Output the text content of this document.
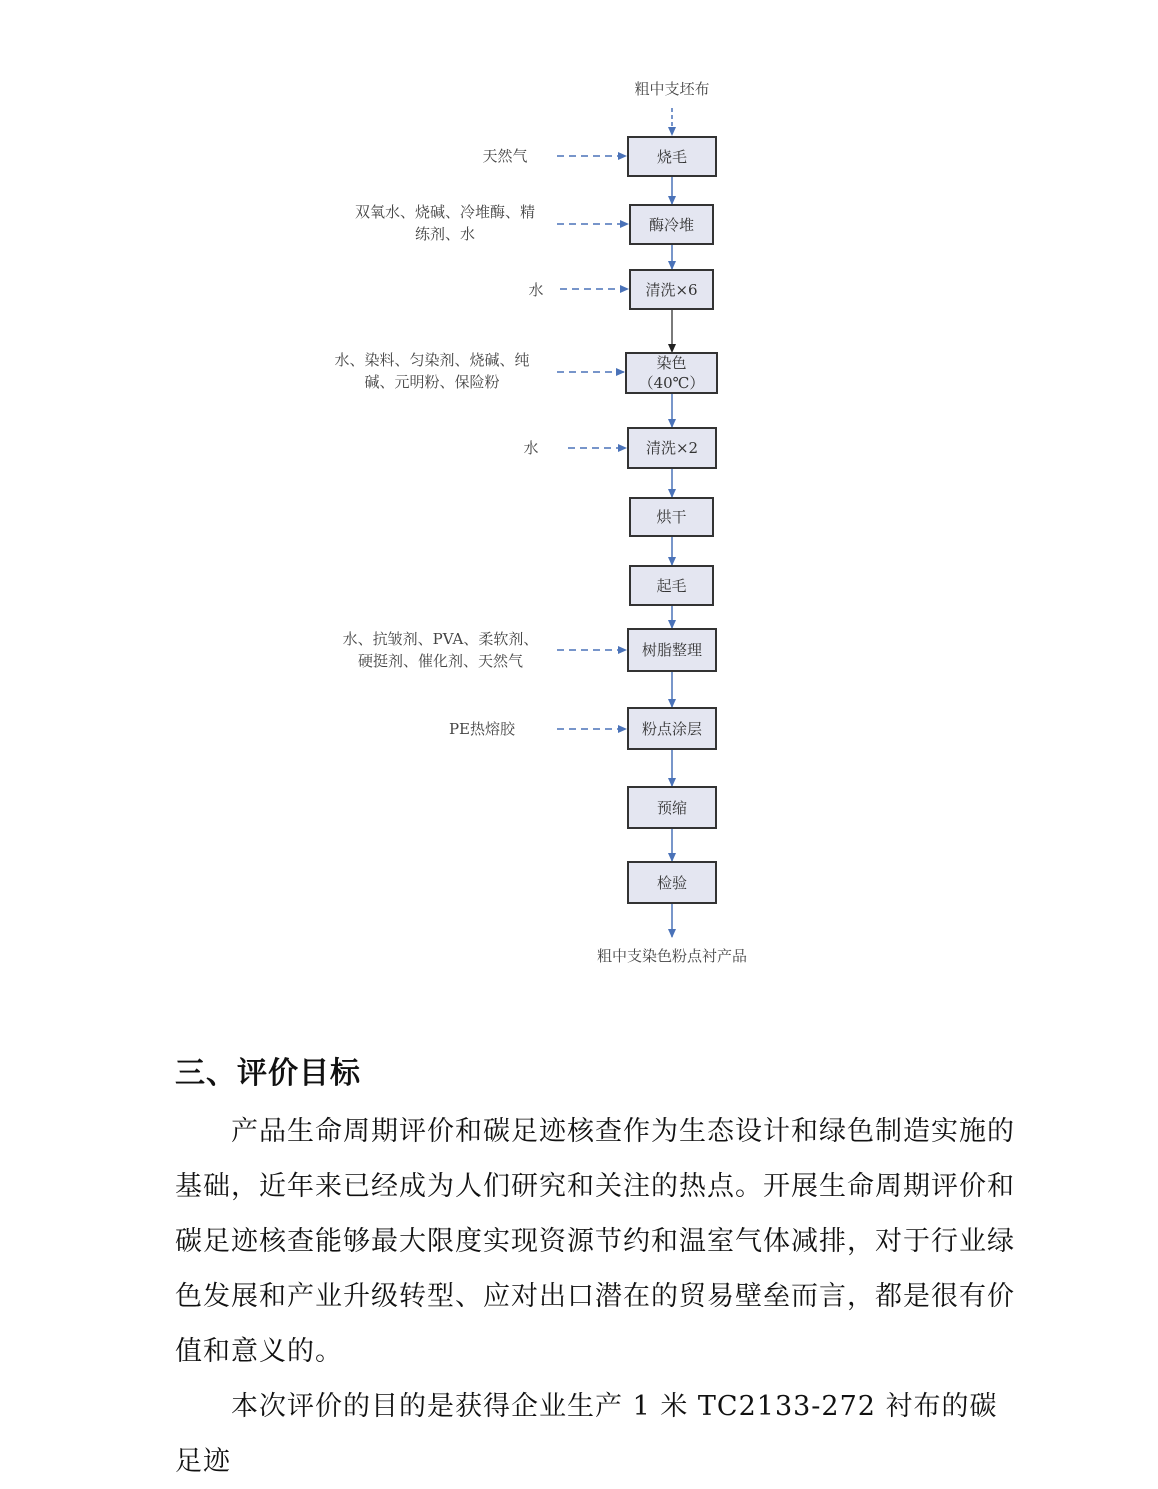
粗中支坯布
粗中支染色粉点衬产品
烧毛
酶冷堆
清洗×6
染色
（40℃）
清洗×2
烘干
起毛
树脂整理
粉点涂层
预缩
检验
天然气
双氧水、烧碱、冷堆酶、精
练剂、水
水
水、染料、匀染剂、烧碱、纯
碱、元明粉、保险粉
水
水、抗皱剂、PVA、柔软剂、
硬挺剂、催化剂、天然气
PE热熔胶
三、评价目标

产品生命周期评价和碳足迹核查作为生态设计和绿色制造实施的基础，近年来已经成为人们研究和关注的热点。开展生命周期评价和碳足迹核查能够最大限度实现资源节约和温室气体减排，对于行业绿色发展和产业升级转型、应对出口潜在的贸易壁垒而言，都是很有价值和意义的。

本次评价的目的是获得企业生产 1 米 TC2133-272 衬布的碳足迹
